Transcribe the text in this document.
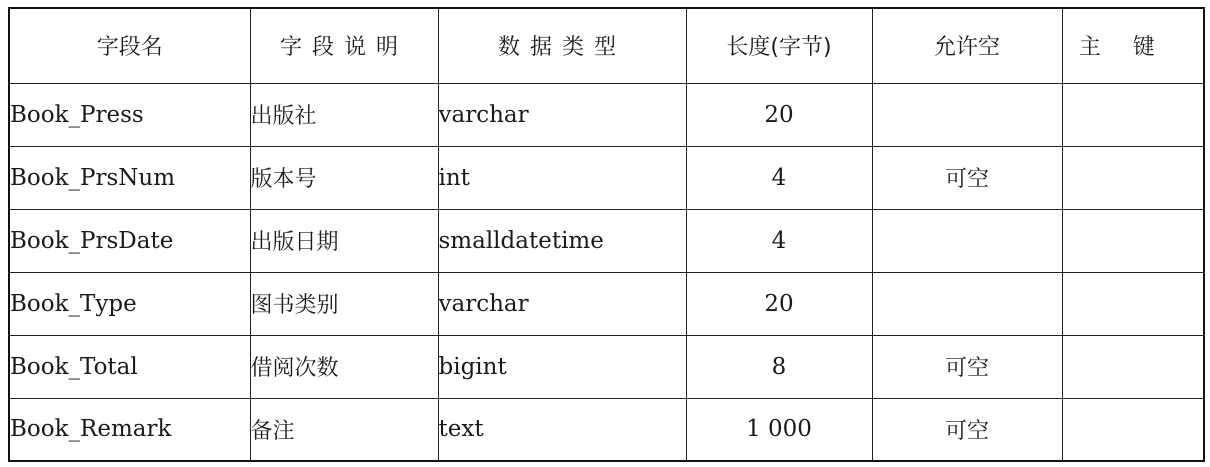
字段名	字段说明	数据类型	长度(字节)	允许空	主键
Book_Press	出版社	varchar	20		
Book_PrsNum	版本号	int	4	可空	
Book_PrsDate	出版日期	smalldatetime	4		
Book_Type	图书类别	varchar	20		
Book_Total	借阅次数	bigint	8	可空	
Book_Remark	备注	text	1 000	可空	
